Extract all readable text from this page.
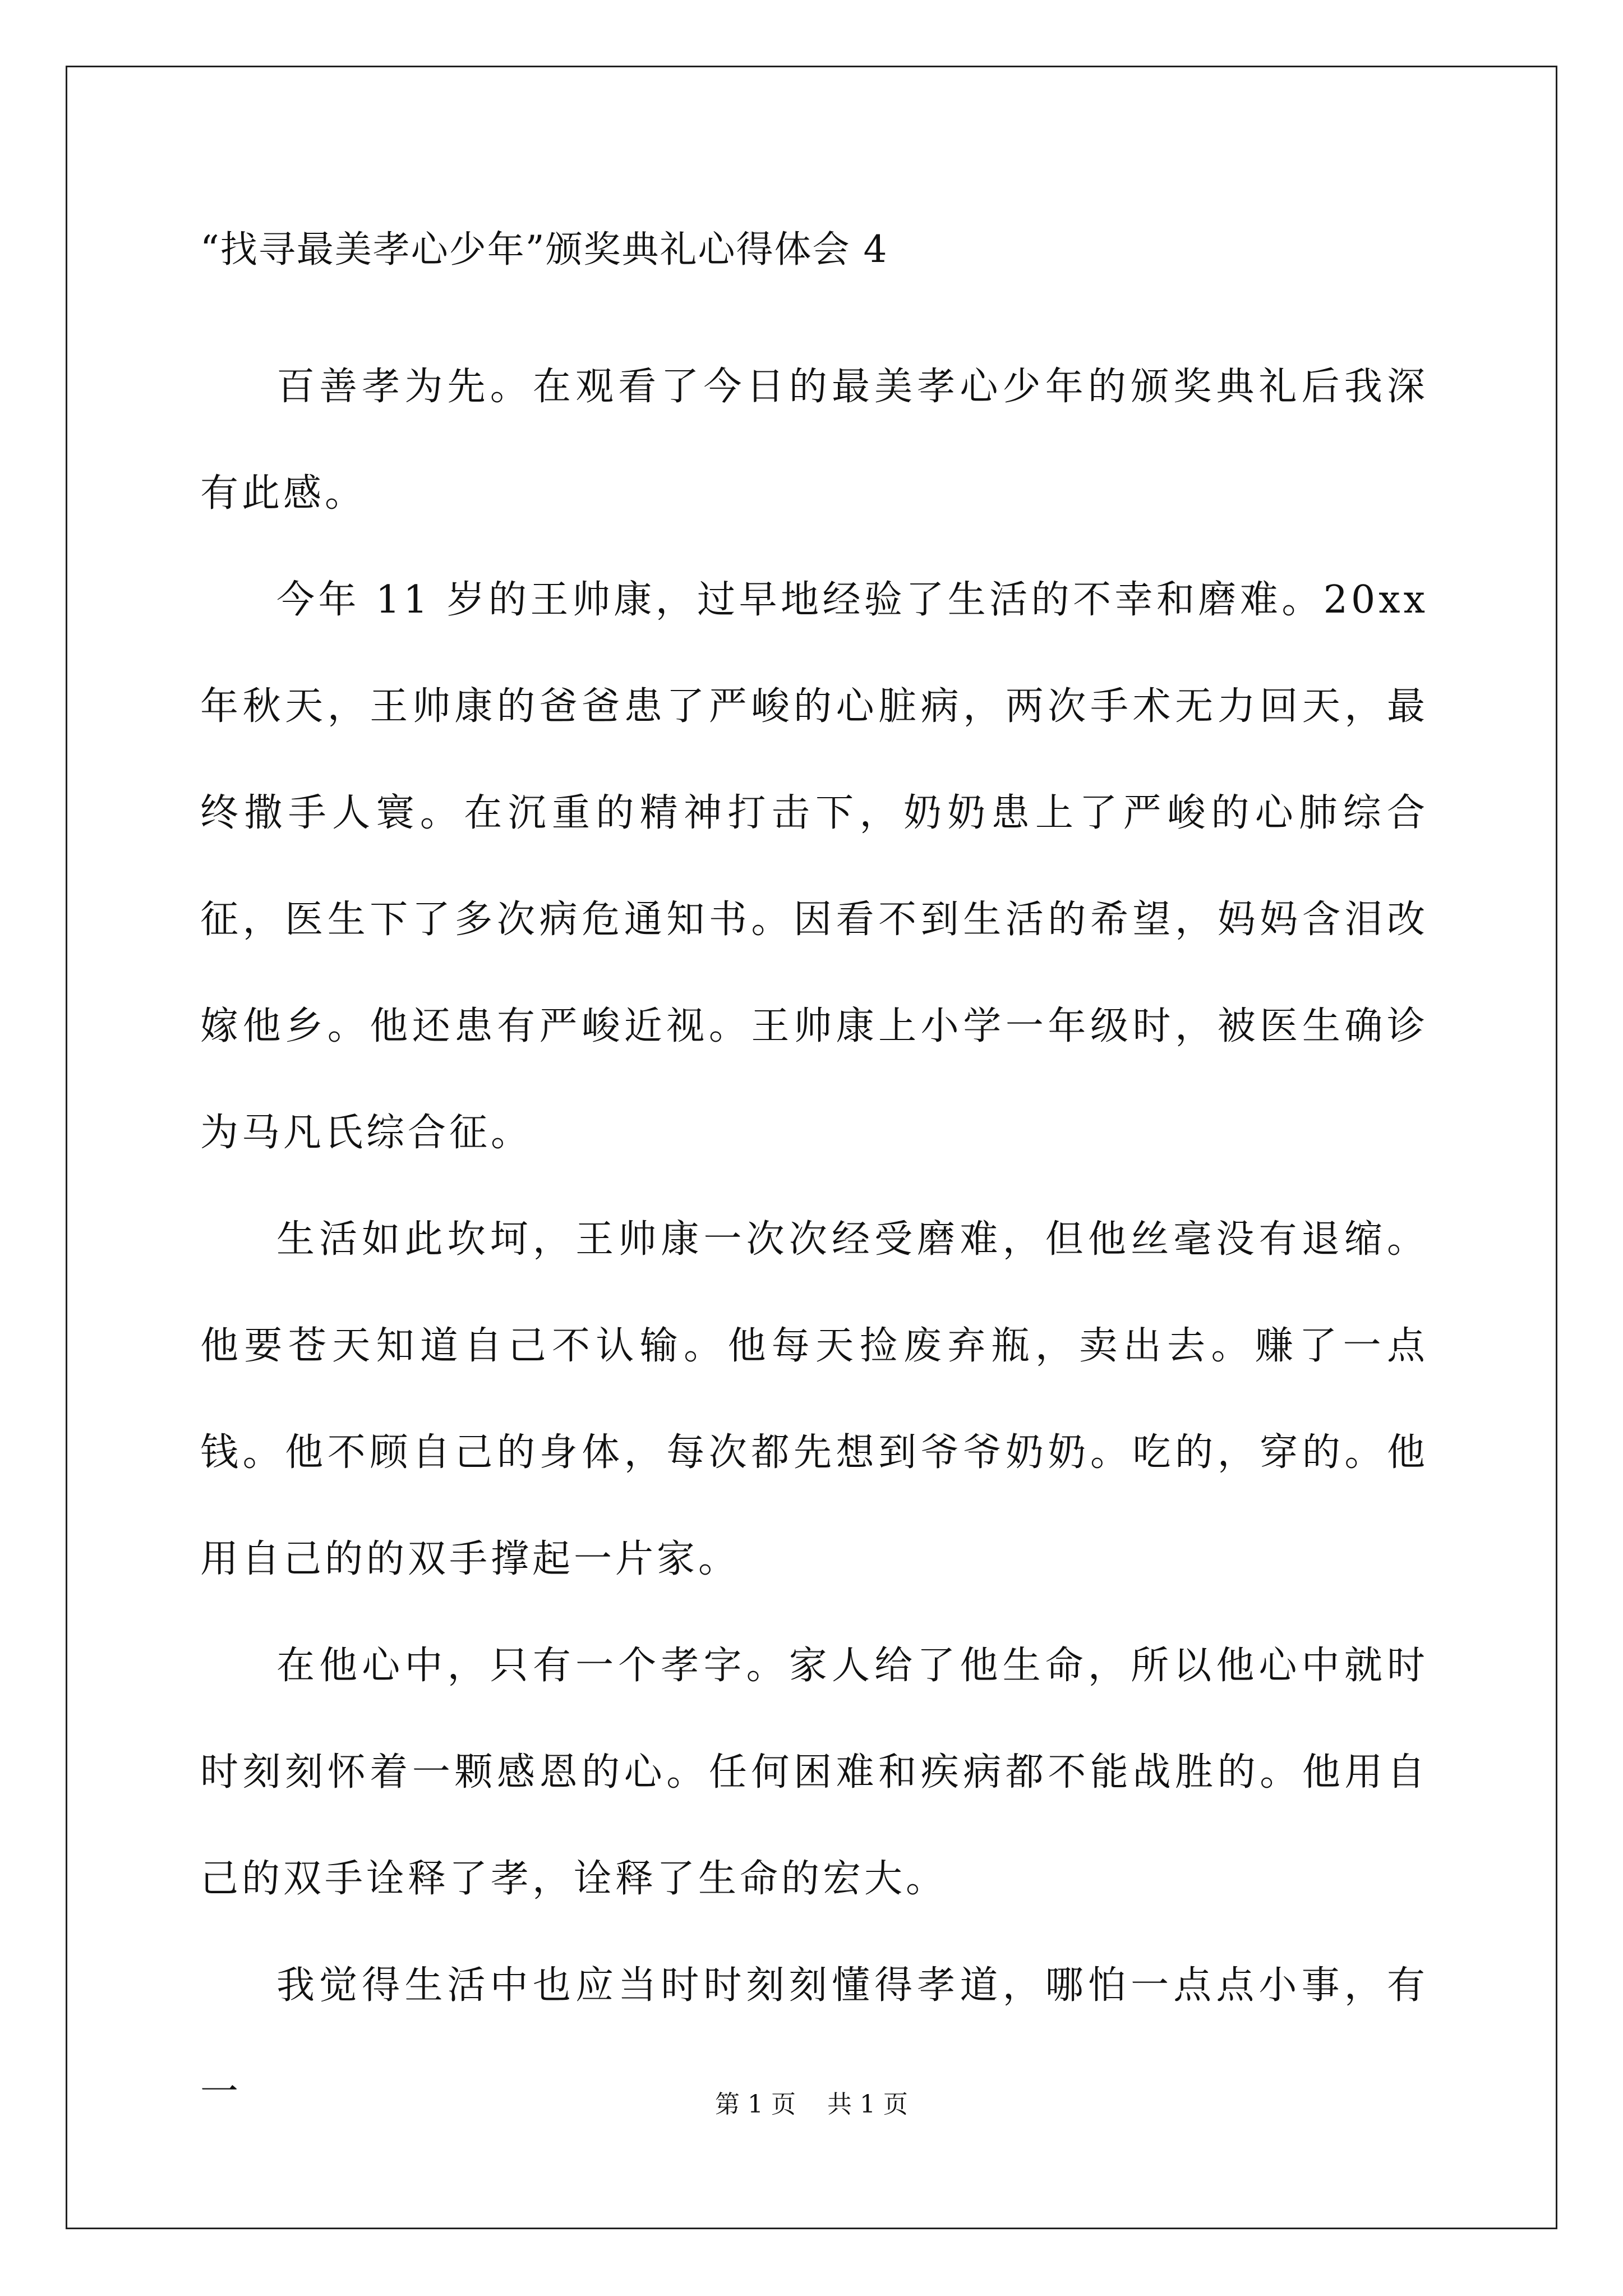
“找寻最美孝心少年”颁奖典礼心得体会 4

百善孝为先。在观看了今日的最美孝心少年的颁奖典礼后我深有此感。

今年 11 岁的王帅康，过早地经验了生活的不幸和磨难。20xx 年秋天，王帅康的爸爸患了严峻的心脏病，两次手术无力回天，最终撒手人寰。在沉重的精神打击下，奶奶患上了严峻的心肺综合征，医生下了多次病危通知书。因看不到生活的希望，妈妈含泪改嫁他乡。他还患有严峻近视。王帅康上小学一年级时，被医生确诊为马凡氏综合征。

生活如此坎坷，王帅康一次次经受磨难，但他丝毫没有退缩。他要苍天知道自己不认输。他每天捡废弃瓶，卖出去。赚了一点钱。他不顾自己的身体，每次都先想到爷爷奶奶。吃的，穿的。他用自己的的双手撑起一片家。

在他心中，只有一个孝字。家人给了他生命，所以他心中就时时刻刻怀着一颗感恩的心。任何困难和疾病都不能战胜的。他用自己的双手诠释了孝，诠释了生命的宏大。

我觉得生活中也应当时时刻刻懂得孝道，哪怕一点点小事，有一	第 1 页    共 1 页
